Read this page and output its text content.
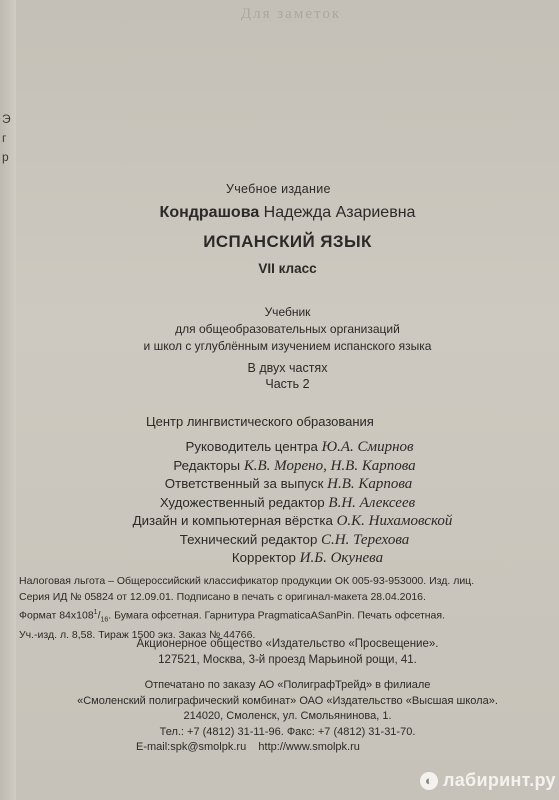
Э
г
р
Для заметок
Учебное издание
Кондрашова Надежда Азариевна
ИСПАНСКИЙ ЯЗЫК
VII класс
Учебник
для общеобразовательных организаций
и школ с углублённым изучением испанского языка
В двух частях
Часть 2
Центр лингвистического образования
Руководитель центра Ю.А. Смирнов
Редакторы К.В. Морено, Н.В. Карпова
Ответственный за выпуск Н.В. Карпова
Художественный редактор В.Н. Алексеев
Дизайн и компьютерная вёрстка О.К. Нихамовской
Технический редактор С.Н. Терехова
Корректор И.Б. Окунева
Налоговая льгота – Общероссийский классификатор продукции ОК 005-93-953000. Изд. лиц.
Серия ИД № 05824 от 12.09.01. Подписано в печать с оригинал-макета 28.04.2016.
Формат $84x108^1/_{16}$. Бумага офсетная. Гарнитура PragmaticaASanPin. Печать офсетная.
Уч.-изд. л. 8,58. Тираж 1500 экз. Заказ № 44766.
Акционерное общество «Издательство «Просвещение».
127521, Москва, 3-й проезд Марьиной рощи, 41.
Отпечатано по заказу АО «ПолиграфТрейд» в филиале
«Смоленский полиграфический комбинат» ОАО «Издательство «Высшая школа».
214020, Смоленск, ул. Смольянинова, 1.
Тел.: +7 (4812) 31-11-96. Факс: +7 (4812) 31-31-70.
E-mail:spk@smolpk.ru    http://www.smolpk.ru
◐ лабиринт.ру
